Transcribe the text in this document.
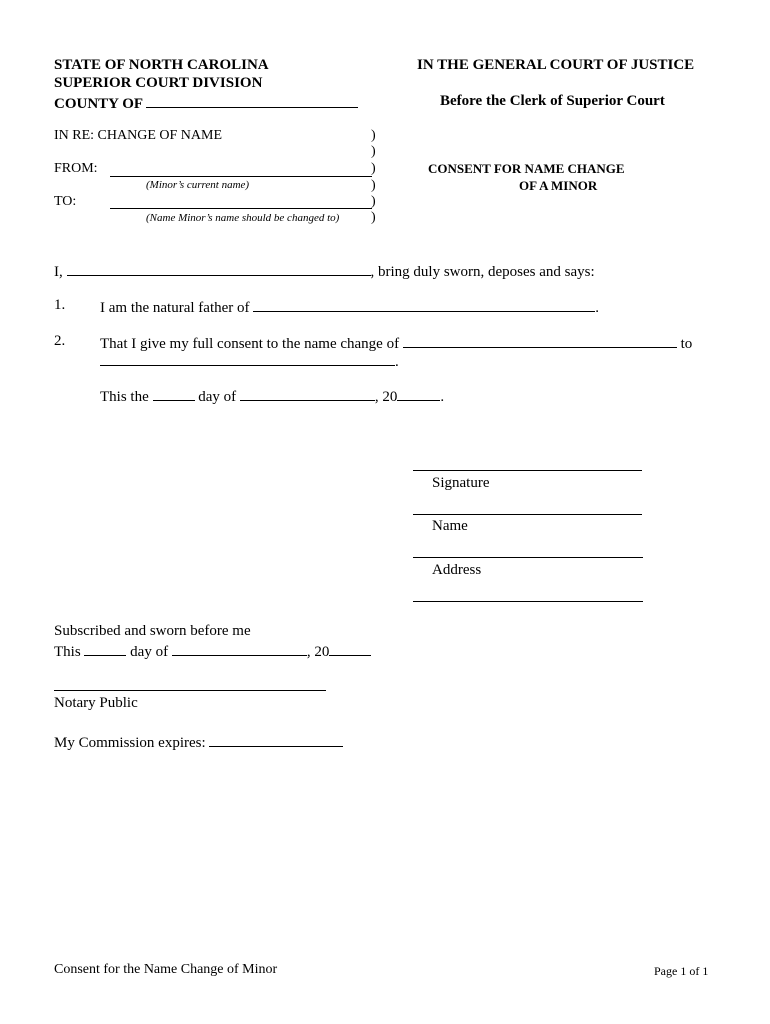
STATE OF NORTH CAROLINA
SUPERIOR COURT DIVISION
COUNTY OF
IN THE GENERAL COURT OF JUSTICE
Before the Clerk of Superior Court
IN RE: CHANGE OF NAME
FROM:
(Minor’s current name)
TO:
(Name Minor’s name should be changed to)
)
)
)
)
)
)
CONSENT FOR NAME CHANGE
OF A MINOR
I,	, bring duly sworn, deposes and says:
1. I am the natural father of	.
2. That I give my full consent to the name change of	to
.
This the	day of	, 20	.
Signature
Name
Address
Subscribed and sworn before me
This	day of	, 20
Notary Public
My Commission expires:
Consent for the Name Change of Minor	Page 1 of 1
